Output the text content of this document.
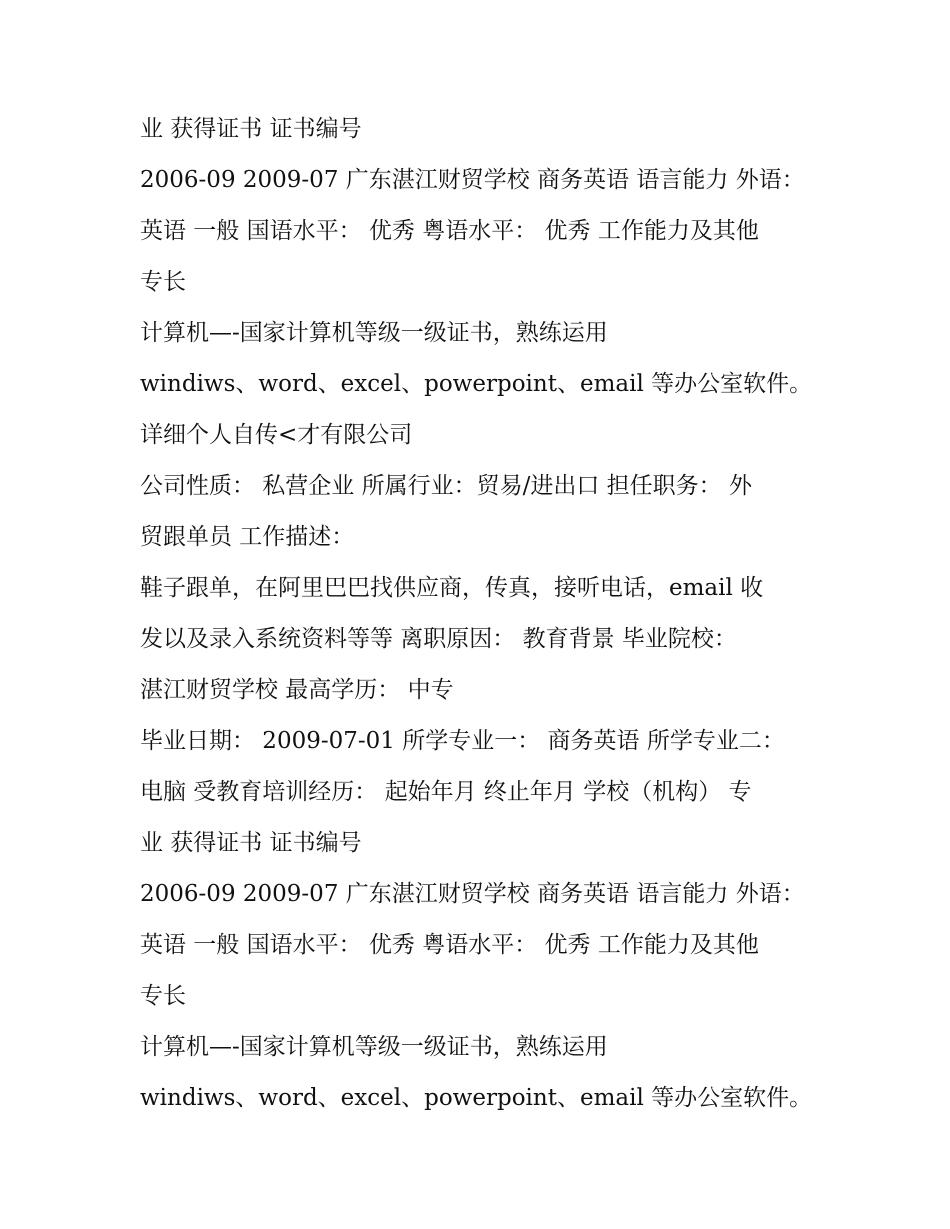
业 获得证书 证书编号
2006-09 2009-07 广东湛江财贸学校 商务英语 语言能力 外语：
英语 一般 国语水平： 优秀 粤语水平： 优秀 工作能力及其他
专长
计算机—-国家计算机等级一级证书，熟练运用
windiws、word、excel、powerpoint、email 等办公室软件。
详细个人自传<才有限公司
公司性质： 私营企业 所属行业：贸易/进出口 担任职务： 外
贸跟单员 工作描述：
鞋子跟单，在阿里巴巴找供应商，传真，接听电话，email 收
发以及录入系统资料等等 离职原因： 教育背景 毕业院校：
湛江财贸学校 最高学历： 中专
毕业日期： 2009-07-01 所学专业一： 商务英语 所学专业二：
电脑 受教育培训经历： 起始年月 终止年月 学校（机构） 专
业 获得证书 证书编号
2006-09 2009-07 广东湛江财贸学校 商务英语 语言能力 外语：
英语 一般 国语水平： 优秀 粤语水平： 优秀 工作能力及其他
专长
计算机—-国家计算机等级一级证书，熟练运用
windiws、word、excel、powerpoint、email 等办公室软件。
